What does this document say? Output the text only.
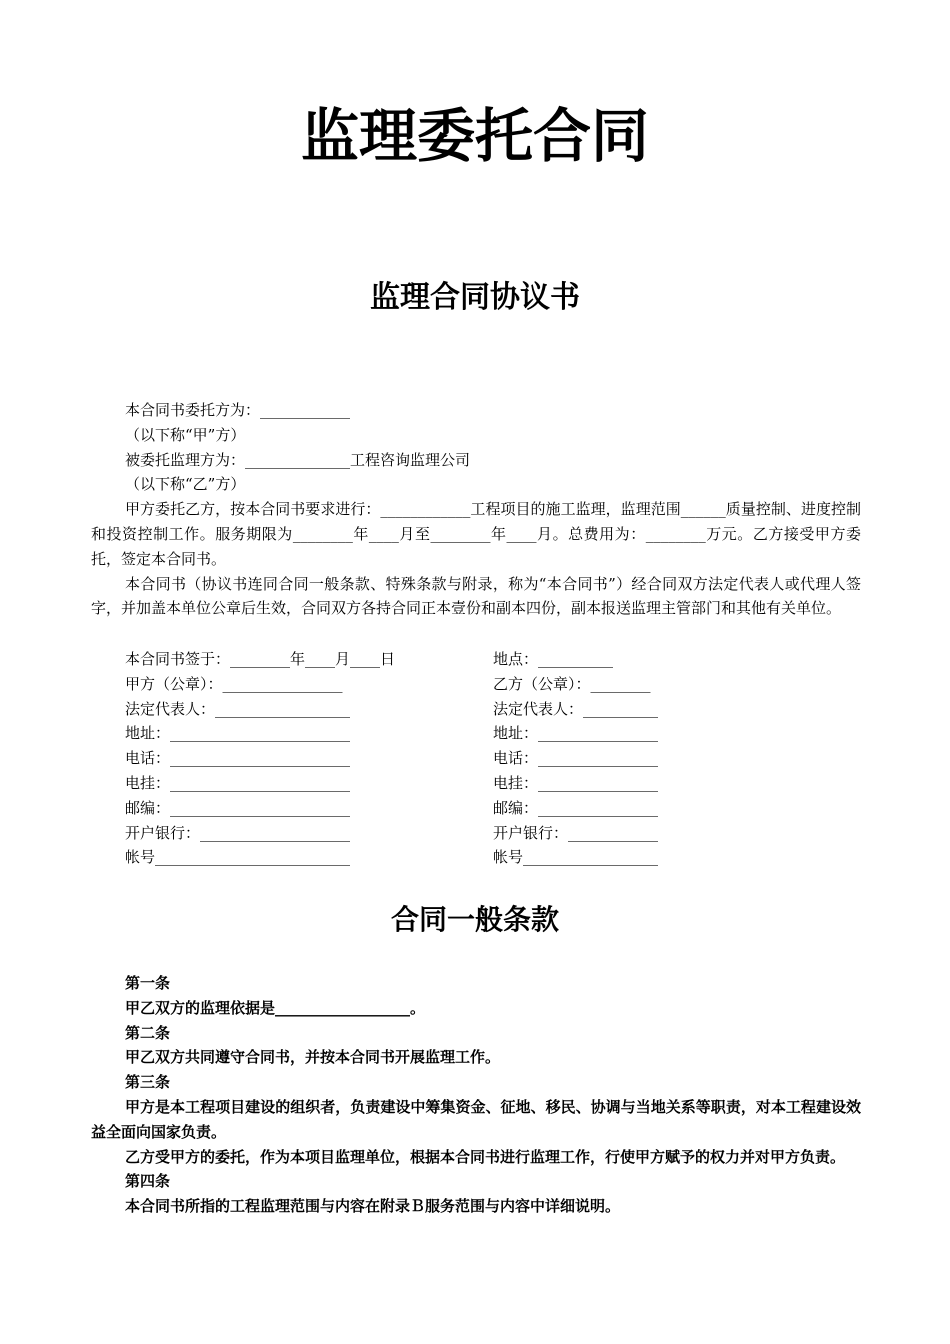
监理委托合同
监理合同协议书

本合同书委托方为：____________

（以下称“甲”方）

被委托监理方为：______________工程咨询监理公司

（以下称“乙”方）

甲方委托乙方，按本合同书要求进行：____________工程项目的施工监理，监理范围______质量控制、进度控制和投资控制工作。服务期限为________年____月至________年____月。总费用为：________万元。乙方接受甲方委托，签定本合同书。

本合同书（协议书连同合同一般条款、特殊条款与附录，称为“本合同书”）经合同双方法定代表人或代理人签字，并加盖本单位公章后生效，合同双方各持合同正本壹份和副本四份，副本报送监理主管部门和其他有关单位。

本合同书签于：________年____月____日	地点：__________
甲方（公章）：________________	乙方（公章）：________
法定代表人：__________________	法定代表人：__________
地址：________________________	地址：________________
电话：________________________	电话：________________
电挂：________________________	电挂：________________
邮编：________________________	邮编：________________
开户银行：____________________	开户银行：____________
帐号__________________________	帐号__________________
合同一般条款

第一条

甲乙双方的监理依据是__________________。

第二条

甲乙双方共同遵守合同书，并按本合同书开展监理工作。

第三条

甲方是本工程项目建设的组织者，负责建设中筹集资金、征地、移民、协调与当地关系等职责，对本工程建设效益全面向国家负责。

乙方受甲方的委托，作为本项目监理单位，根据本合同书进行监理工作，行使甲方赋予的权力并对甲方负责。

第四条

本合同书所指的工程监理范围与内容在附录Ｂ服务范围与内容中详细说明。
